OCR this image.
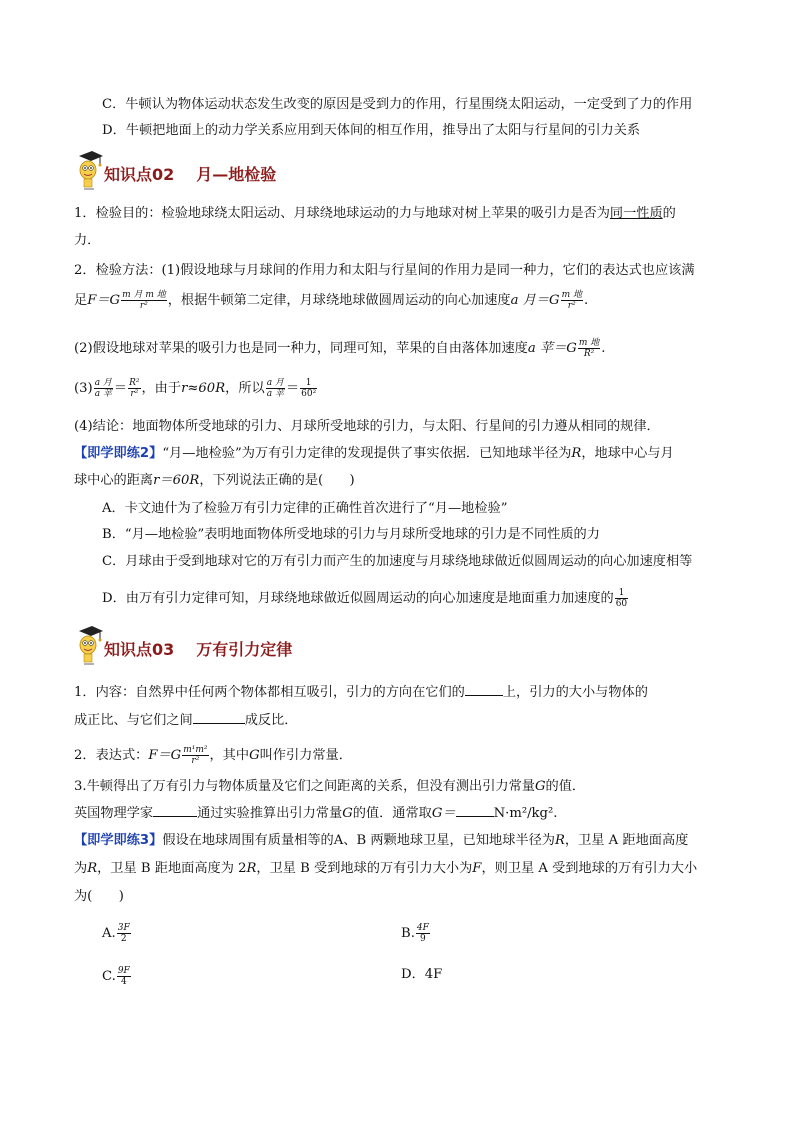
C．牛顿认为物体运动状态发生改变的原因是受到力的作用，行星围绕太阳运动，一定受到了力的作用
D．牛顿把地面上的动力学关系应用到天体间的相互作用，推导出了太阳与行星间的引力关系
知识点02 月—地检验
1．检验目的：检验地球绕太阳运动、月球绕地球运动的力与地球对树上苹果的吸引力是否为同一性质的
力．
2．检验方法：(1)假设地球与月球间的作用力和太阳与行星间的作用力是同一种力，它们的表达式也应该满
足$F=G \frac{\text{m 月 m 地}}{\text{r²}}$ ，根据牛顿第二定律，月球绕地球做圆周运动的向心加速度a 月$=G \frac{\text{m 地}}{\text{r²}}$ .
(2)假设地球对苹果的吸引力也是同一种力，同理可知，苹果的自由落体加速度a 苹$=G \frac{\text{m 地}}{\text{R²}}$ .
$(3) \frac{\text{a 月}}{\text{a 苹}} = \frac{\text{R²}}{\text{r²}}$ ，由于r≈60R，所以 $\frac{\text{a 月}}{\text{a 苹}} = \frac{1}{\text{60²}}$
(4)结论：地面物体所受地球的引力、月球所受地球的引力，与太阳、行星间的引力遵从相同的规律．
【即学即练2】“月—地检验”为万有引力定律的发现提供了事实依据．已知地球半径为R，地球中心与月
球中心的距离r＝60R，下列说法正确的是(　　)
A．卡文迪什为了检验万有引力定律的正确性首次进行了“月—地检验”
B．“月—地检验”表明地面物体所受地球的引力与月球所受地球的引力是不同性质的力
C．月球由于受到地球对它的万有引力而产生的加速度与月球绕地球做近似圆周运动的向心加速度相等
D．由万有引力定律可知，月球绕地球做近似圆周运动的向心加速度是地面重力加速度的 $\frac{1}{60}$
知识点03 万有引力定律
1．内容：自然界中任何两个物体都相互吸引，引力的方向在它们的	上，引力的大小与物体的
成正比、与它们之间	成反比．
2．表达式：$F=G \frac{\text{m¹m²}}{\text{r²}}$ ，其中G叫作引力常量．
3.牛顿得出了万有引力与物体质量及它们之间距离的关系，但没有测出引力常量G的值．
英国物理学家	通过实验推算出引力常量G的值．通常取G＝	N·m²/kg².
【即学即练3】假设在地球周围有质量相等的A、B 两颗地球卫星，已知地球半径为R，卫星 A 距地面高度
为R，卫星 B 距地面高度为 2R，卫星 B 受到地球的万有引力大小为F，则卫星 A 受到地球的万有引力大小
为(　　)
A. $\frac{3F}{2}$	B. $\frac{4F}{9}$
C. $\frac{9F}{4}$	D．4F
